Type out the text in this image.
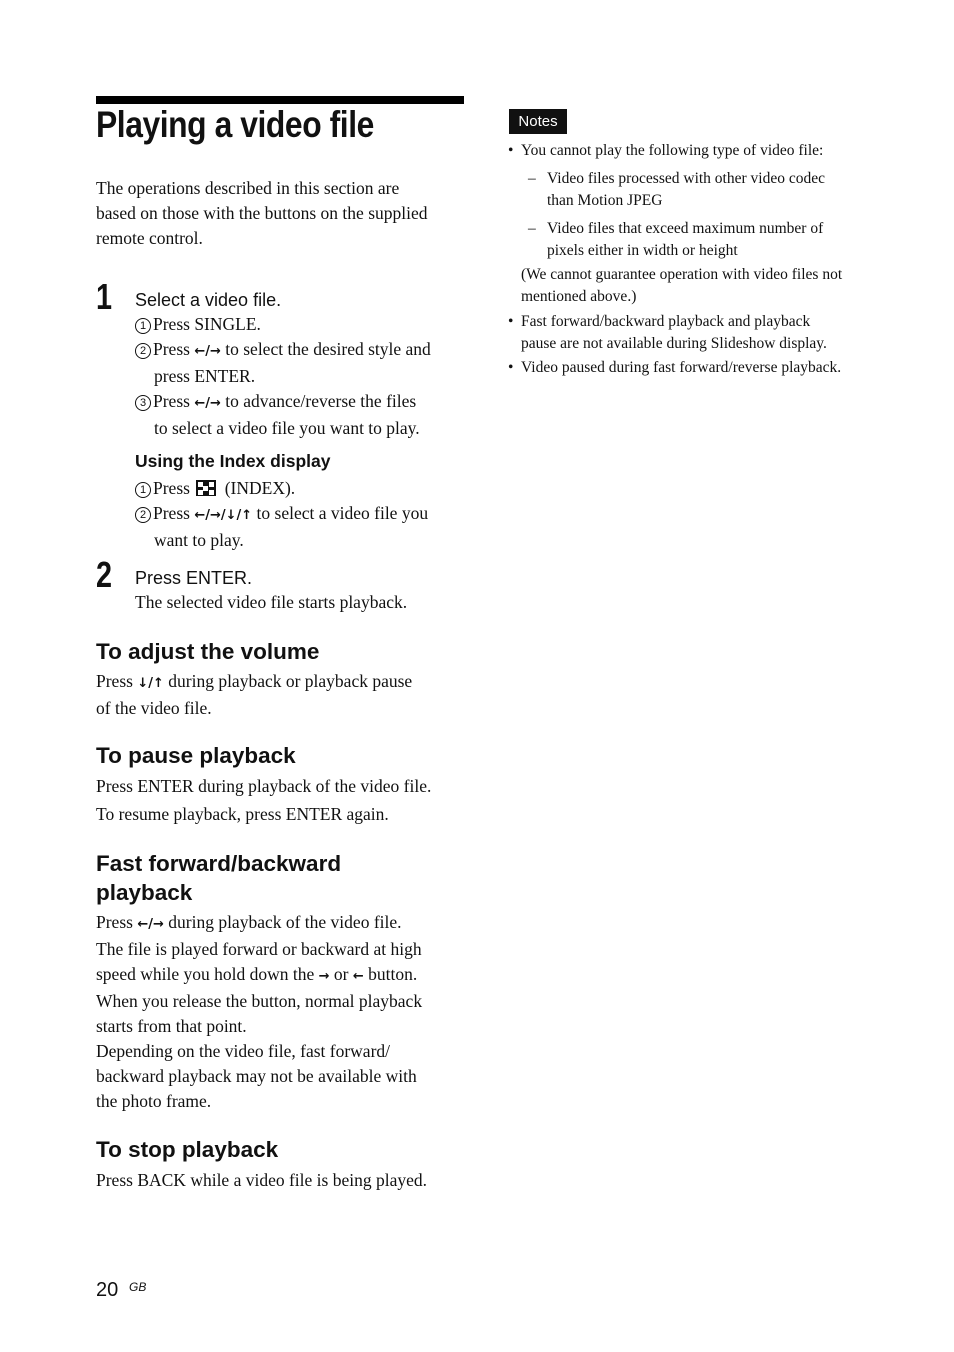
Playing a video file
The operations described in this section are
based on those with the buttons on the supplied
remote control.
1 Select a video file.
1 Press SINGLE.
2 Press ←/→ to select the desired style and
press ENTER.
3 Press ←/→ to advance/reverse the files
to select a video file you want to play.
Using the Index display
1 Press
(INDEX).
2 Press ←/→/↓/↑ to select a video file you
want to play.
2 Press ENTER.
The selected video file starts playback.
To adjust the volume
Press ↓/↑ during playback or playback pause
of the video file.
To pause playback
Press ENTER during playback of the video file.
To resume playback, press ENTER again.
Fast forward/backward
playback
Press ←/→ during playback of the video file.
The file is played forward or backward at high
speed while you hold down the → or ← button.
When you release the button, normal playback
starts from that point.
Depending on the video file, fast forward/
backward playback may not be available with
the photo frame.
To stop playback
Press BACK while a video file is being played.
Notes
• You cannot play the following type of video file:
– Video files processed with other video codec
than Motion JPEG
– Video files that exceed maximum number of
pixels either in width or height
(We cannot guarantee operation with video files not
mentioned above.)
• Fast forward/backward playback and playback
pause are not available during Slideshow display.
• Video paused during fast forward/reverse playback.
20 GB
